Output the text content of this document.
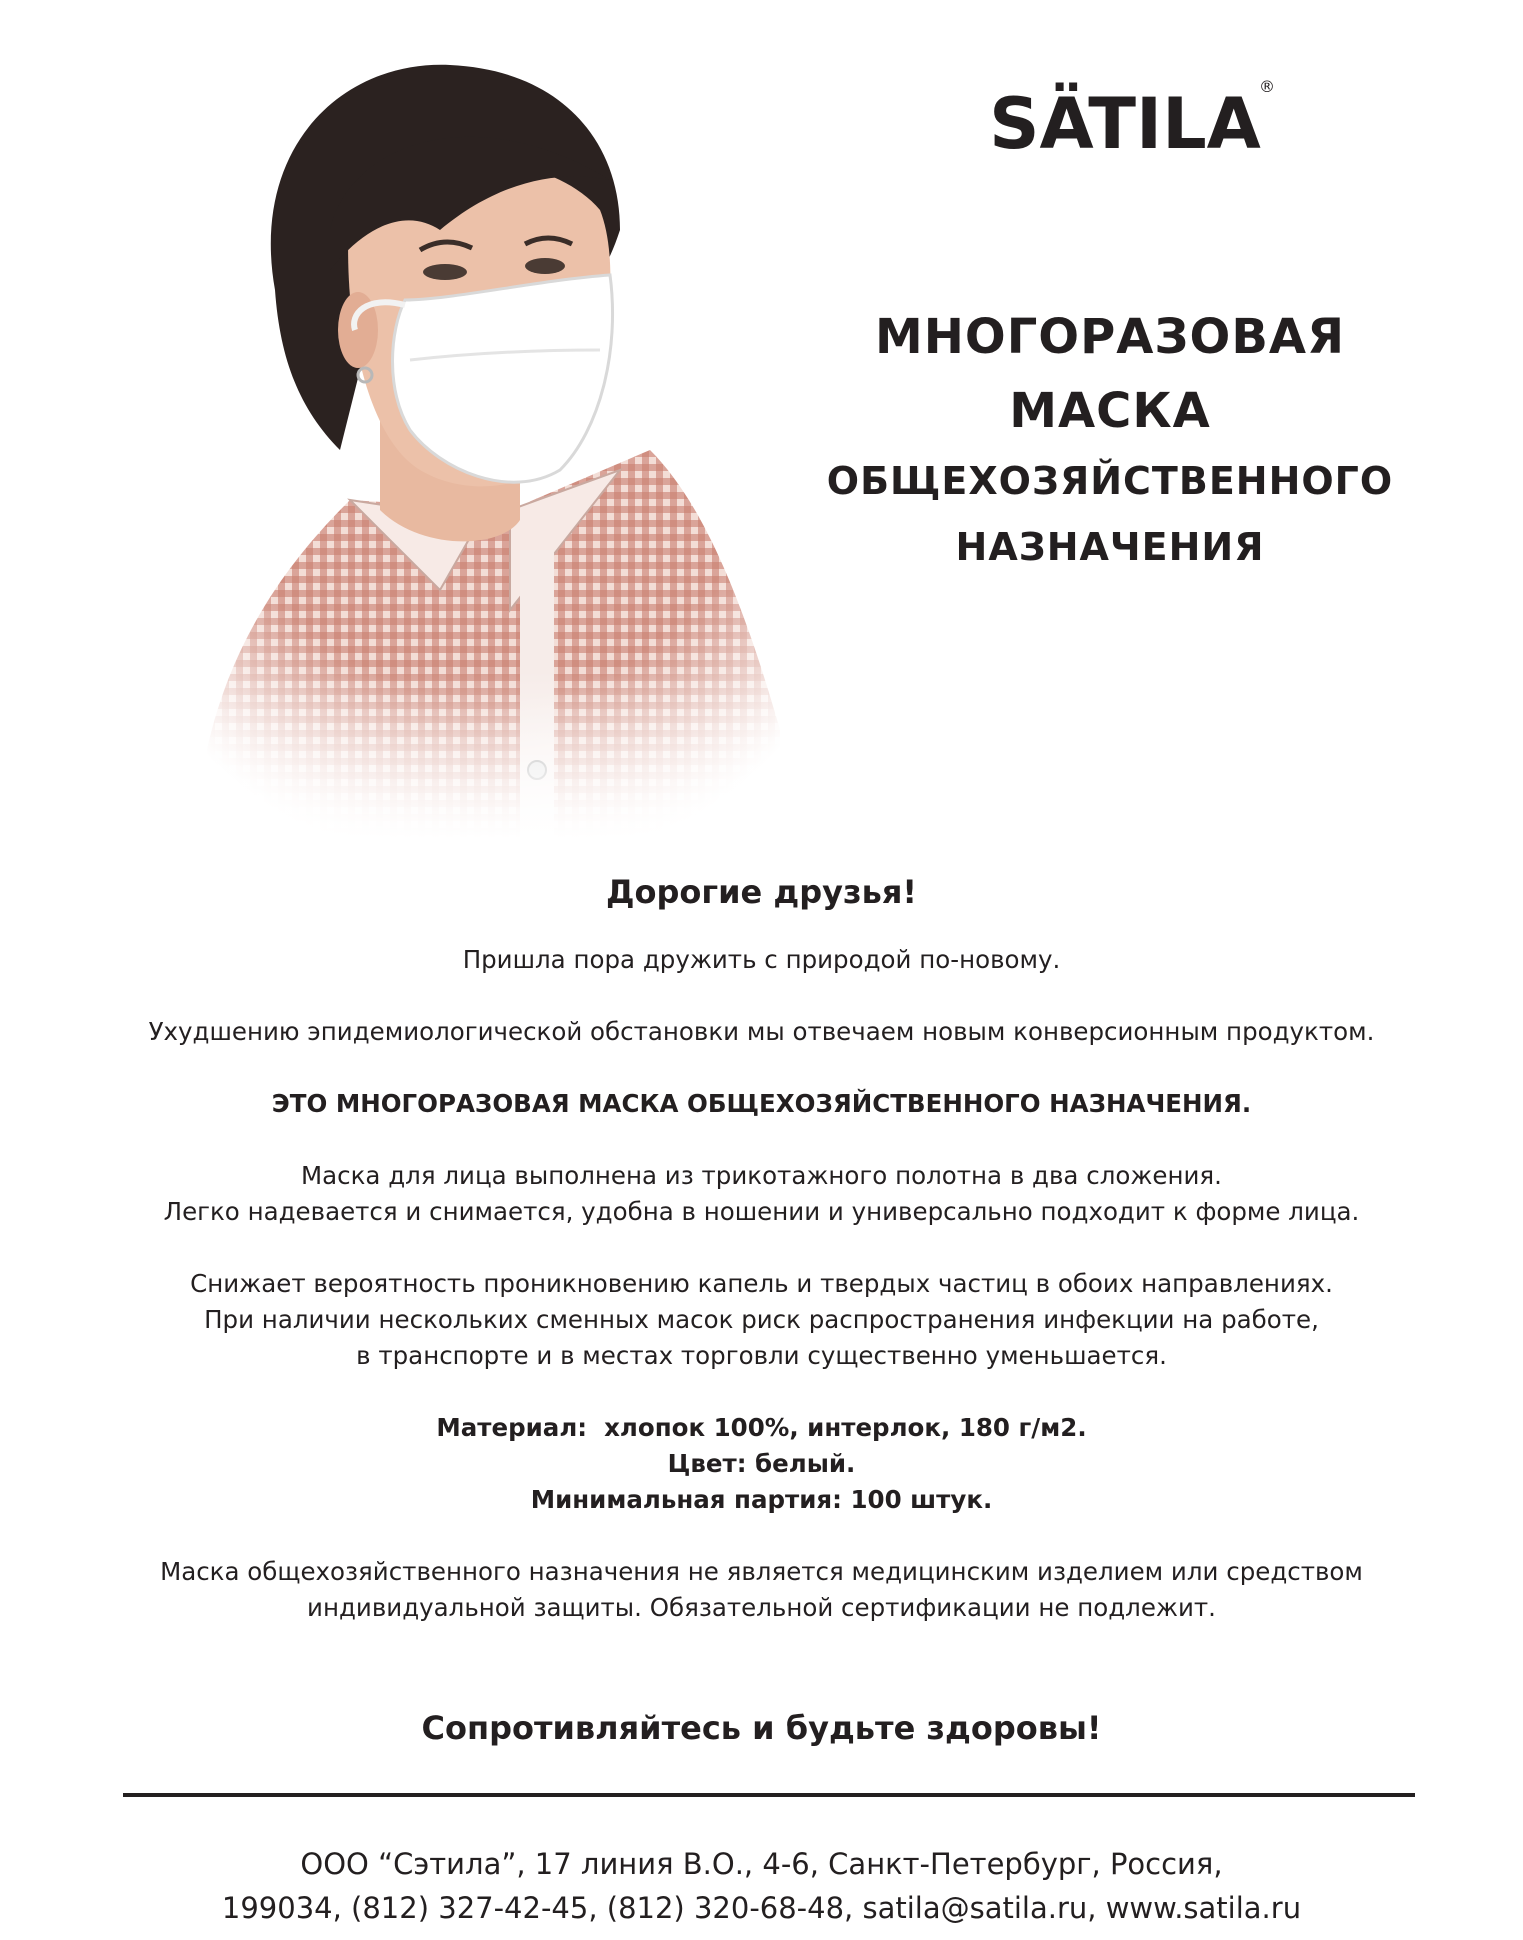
SÄTILA
®
МНОГОРАЗОВАЯ
МАСКА
ОБЩЕХОЗЯЙСТВЕННОГО
НАЗНАЧЕНИЯ
Дорогие друзья!

Пришла пора дружить с природой по-новому.

Ухудшению эпидемиологической обстановки мы отвечаем новым конверсионным продуктом.

ЭТО МНОГОРАЗОВАЯ МАСКА ОБЩЕХОЗЯЙСТВЕННОГО НАЗНАЧЕНИЯ.

Маска для лица выполнена из трикотажного полотна в два сложения.

Легко надевается и снимается, удобна в ношении и универсально подходит к форме лица.

Снижает вероятность проникновению капель и твердых частиц в обоих направлениях.

При наличии нескольких сменных масок риск распространения инфекции на работе,

в транспорте и в местах торговли существенно уменьшается.

Материал:  хлопок 100%, интерлок, 180 г/м2.

Цвет: белый.

Минимальная партия: 100 штук.

Маска общехозяйственного назначения не является медицинским изделием или средством

индивидуальной защиты. Обязательной сертификации не подлежит.

Сопротивляйтесь и будьте здоровы!
ООО “Сэтила”, 17 линия В.О., 4-6, Санкт-Петербург, Россия,
199034, (812) 327-42-45, (812) 320-68-48, satila@satila.ru, www.satila.ru
